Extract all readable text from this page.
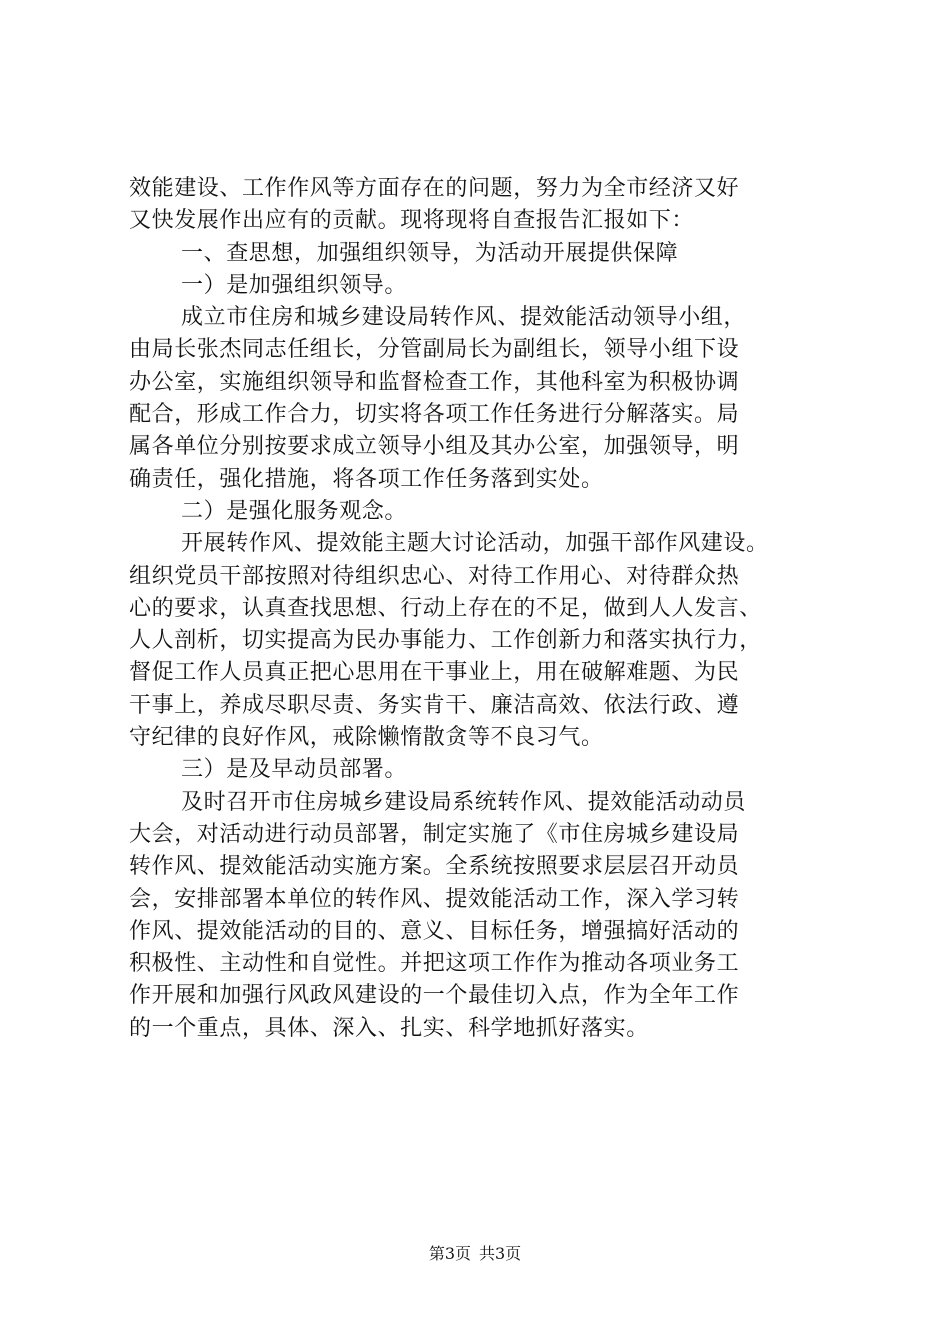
效能建设、工作作风等方面存在的问题，努力为全市经济又好
又快发展作出应有的贡献。现将现将自查报告汇报如下：
一、查思想，加强组织领导，为活动开展提供保障
一）是加强组织领导。
成立市住房和城乡建设局转作风、提效能活动领导小组，
由局长张杰同志任组长，分管副局长为副组长，领导小组下设
办公室，实施组织领导和监督检查工作，其他科室为积极协调
配合，形成工作合力，切实将各项工作任务进行分解落实。局
属各单位分别按要求成立领导小组及其办公室，加强领导，明
确责任，强化措施，将各项工作任务落到实处。
二）是强化服务观念。
开展转作风、提效能主题大讨论活动，加强干部作风建设。
组织党员干部按照对待组织忠心、对待工作用心、对待群众热
心的要求，认真查找思想、行动上存在的不足，做到人人发言、
人人剖析，切实提高为民办事能力、工作创新力和落实执行力，
督促工作人员真正把心思用在干事业上，用在破解难题、为民
干事上，养成尽职尽责、务实肯干、廉洁高效、依法行政、遵
守纪律的良好作风，戒除懒惰散贪等不良习气。
三）是及早动员部署。
及时召开市住房城乡建设局系统转作风、提效能活动动员
大会，对活动进行动员部署，制定实施了《市住房城乡建设局
转作风、提效能活动实施方案。全系统按照要求层层召开动员
会，安排部署本单位的转作风、提效能活动工作，深入学习转
作风、提效能活动的目的、意义、目标任务，增强搞好活动的
积极性、主动性和自觉性。并把这项工作作为推动各项业务工
作开展和加强行风政风建设的一个最佳切入点，作为全年工作
的一个重点，具体、深入、扎实、科学地抓好落实。
第3页 共3页
